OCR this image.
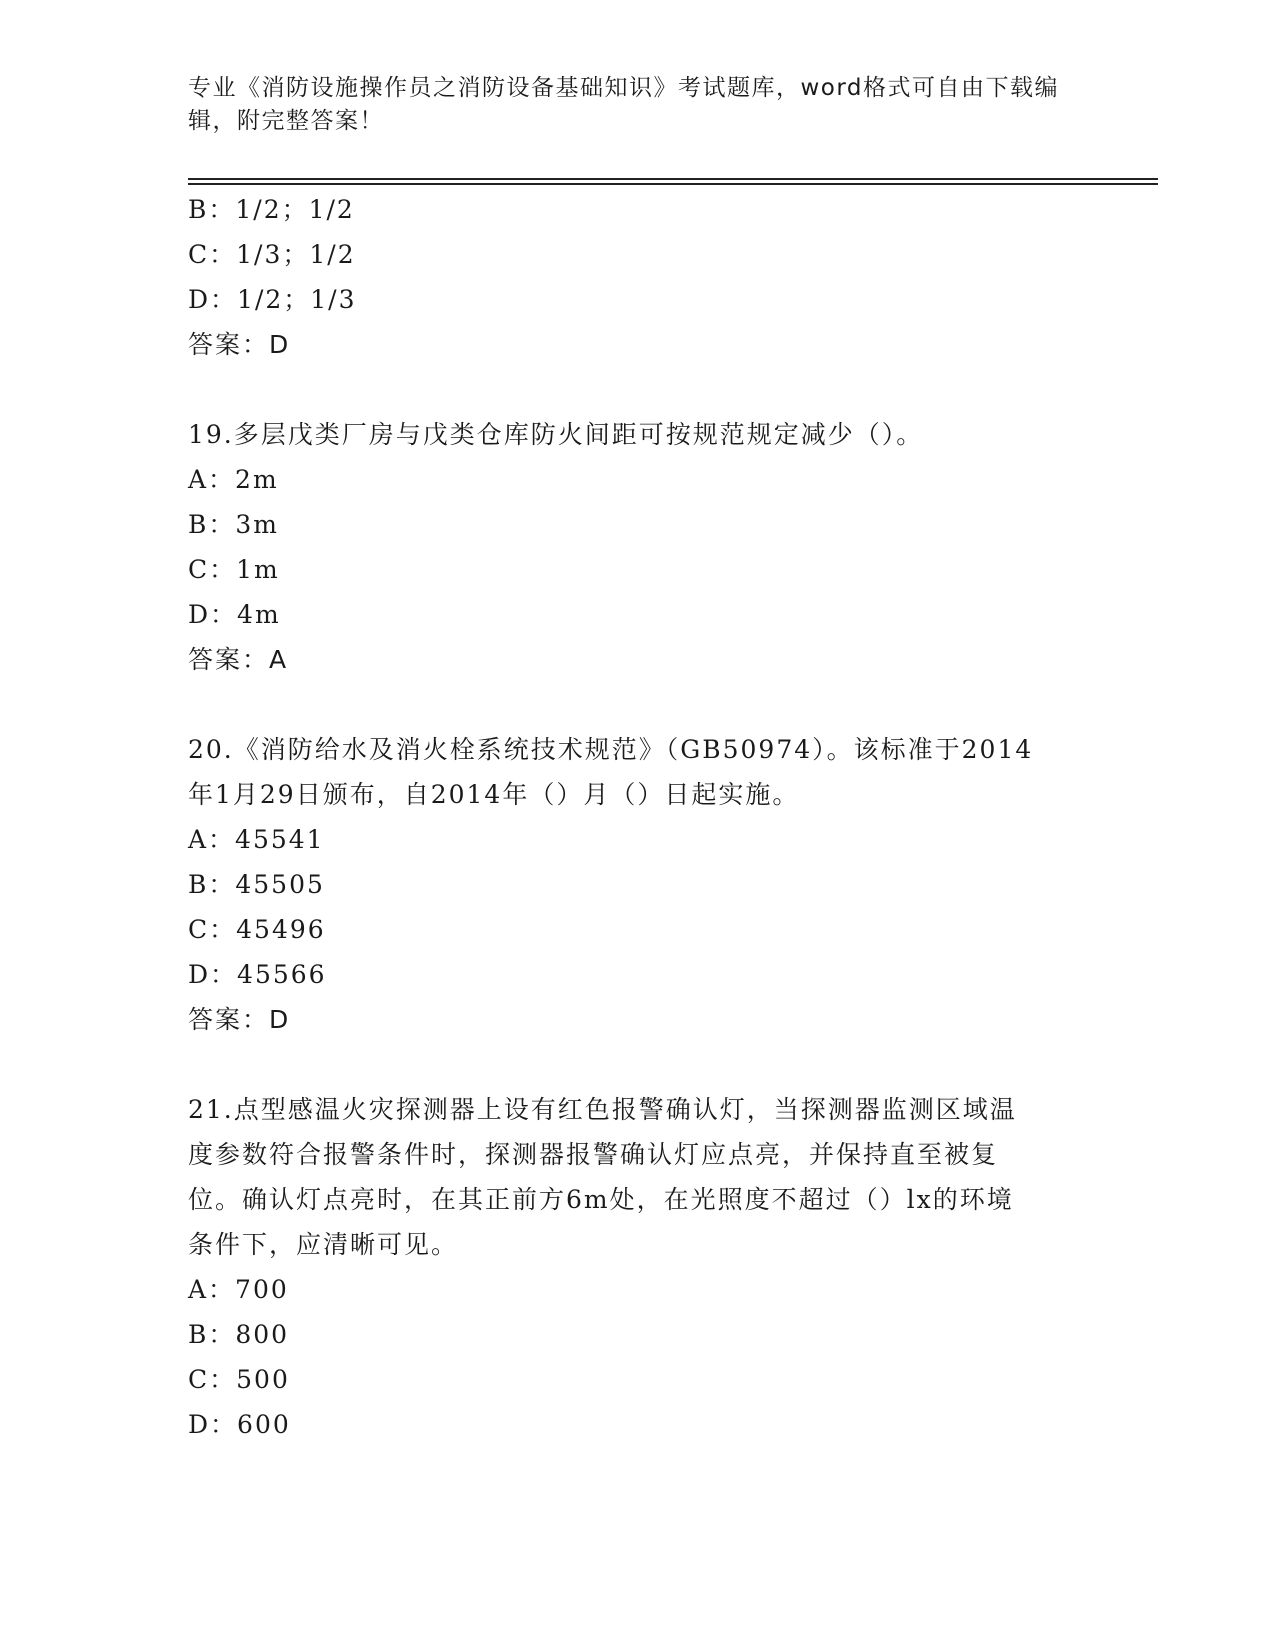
专业《消防设施操作员之消防设备基础知识》考试题库，word格式可自由下载编
辑，附完整答案！
B：1/2；1/2
C：1/3；1/2
D：1/2；1/3
答案：D
19.多层戊类厂房与戊类仓库防火间距可按规范规定减少（）。
A：2m
B：3m
C：1m
D：4m
答案：A
20.《消防给水及消火栓系统技术规范》（GB50974）。该标准于2014
年1月29日颁布，自2014年（）月（）日起实施。
A：45541
B：45505
C：45496
D：45566
答案：D
21.点型感温火灾探测器上设有红色报警确认灯，当探测器监测区域温
度参数符合报警条件时，探测器报警确认灯应点亮，并保持直至被复
位。确认灯点亮时，在其正前方6m处，在光照度不超过（）lx的环境
条件下，应清晰可见。
A：700
B：800
C：500
D：600
